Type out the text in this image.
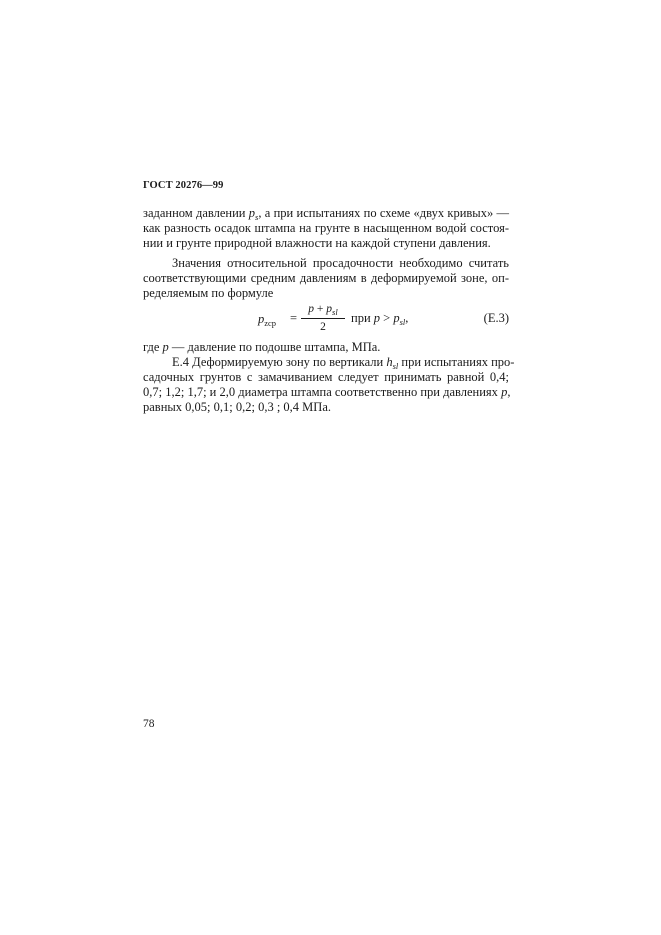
ГОСТ 20276—99
заданном давлении $p_s$, а при испытаниях по схеме «двух кривых» —
как разность осадок штампа на грунте в насыщенном водой состоя-
нии и грунте природной влажности на каждой ступени давления.
Значения относительной просадочности необходимо считать
соответствующими средним давлениям в деформируемой зоне, оп-
ределяемым по формуле
$p_{zср}$ =
$p + p_{sl}$
2
при $p > p_{sl}$,	(Е.3)
где p — давление по подошве штампа, МПа.
Е.4 Деформируемую зону по вертикали $h_{sl}$ при испытаниях про-
садочных грунтов с замачиванием следует принимать равной 0,4;
0,7; 1,2; 1,7; и 2,0 диаметра штампа соответственно при давлениях p,
равных 0,05; 0,1; 0,2; 0,3 ; 0,4 МПа.
78
